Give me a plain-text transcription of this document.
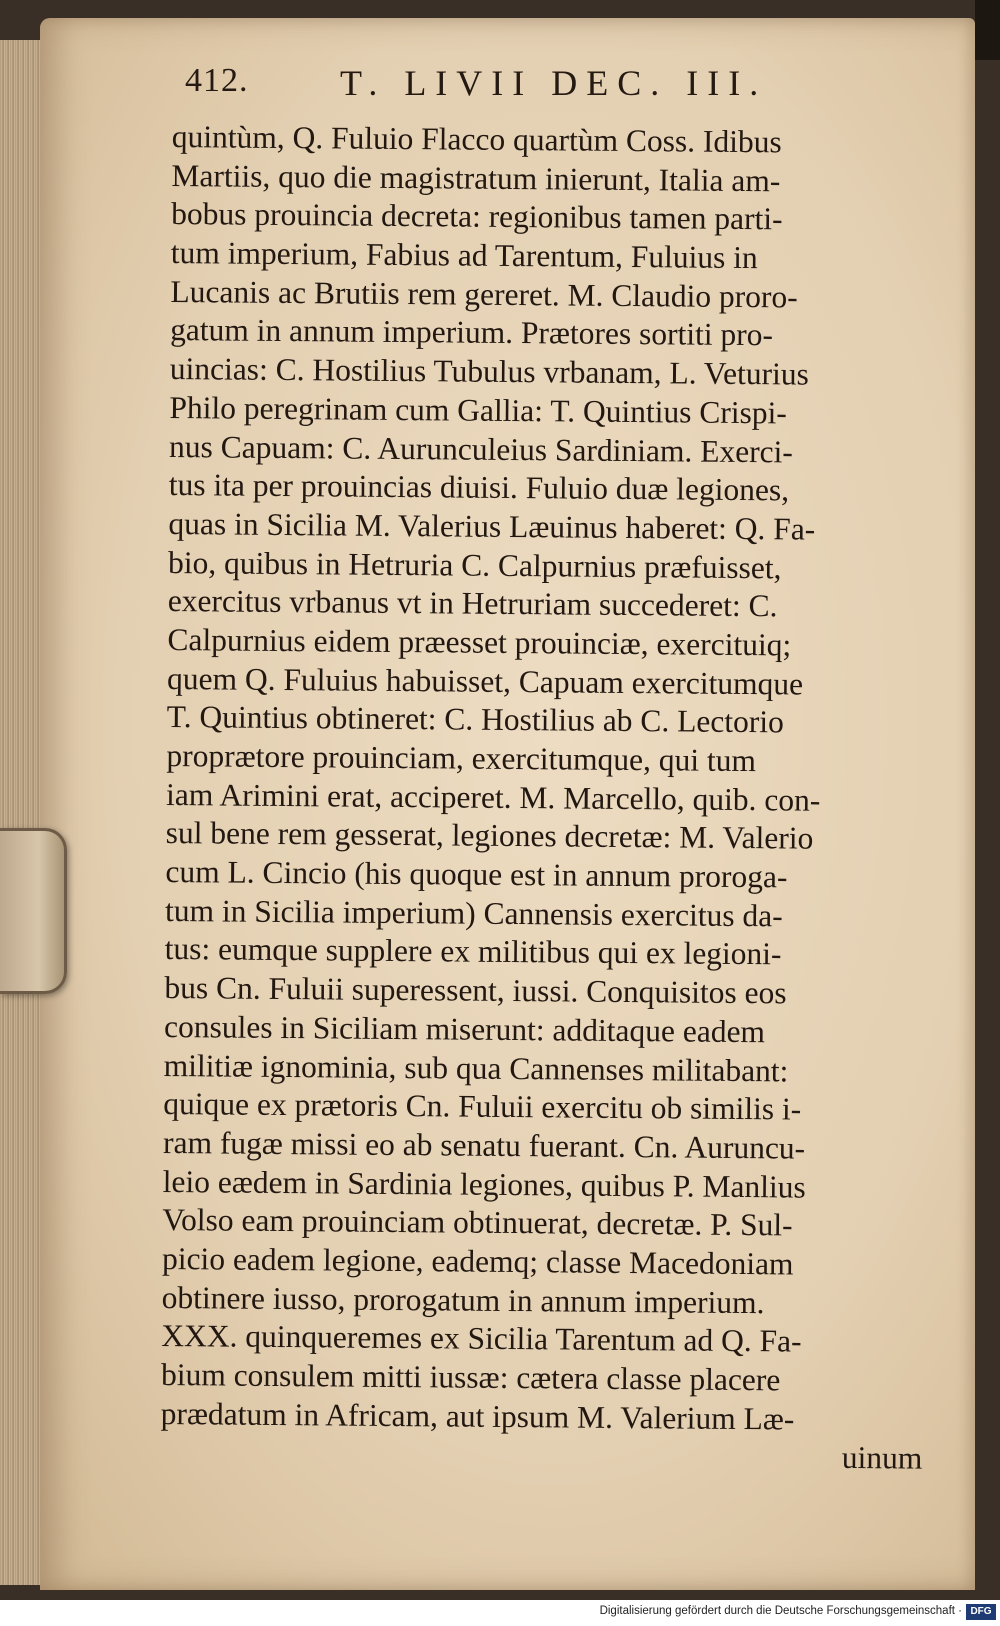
412.	T. LIVII DEC. III.
quintùm, Q. Fuluio Flacco quartùm Coss. Idibus
Martiis, quo die magistratum inierunt, Italia am-
bobus prouincia decreta: regionibus tamen parti-
tum imperium, Fabius ad Tarentum, Fuluius in
Lucanis ac Brutiis rem gereret. M. Claudio proro-
gatum in annum imperium. Prætores sortiti pro-
uincias: C. Hostilius Tubulus vrbanam, L. Veturius
Philo peregrinam cum Gallia: T. Quintius Crispi-
nus Capuam: C. Aurunculeius Sardiniam. Exerci-
tus ita per prouincias diuisi. Fuluio duæ legiones,
quas in Sicilia M. Valerius Læuinus haberet: Q. Fa-
bio, quibus in Hetruria C. Calpurnius præfuisset,
exercitus vrbanus vt in Hetruriam succederet: C.
Calpurnius eidem præesset prouinciæ, exercituiq;
quem Q. Fuluius habuisset, Capuam exercitumque
T. Quintius obtineret: C. Hostilius ab C. Lectorio
proprætore prouinciam, exercitumque, qui tum
iam Arimini erat, acciperet. M. Marcello, quib. con-
sul bene rem gesserat, legiones decretæ: M. Valerio
cum L. Cincio (his quoque est in annum proroga-
tum in Sicilia imperium) Cannensis exercitus da-
tus: eumque supplere ex militibus qui ex legioni-
bus Cn. Fuluii superessent, iussi. Conquisitos eos
consules in Siciliam miserunt: additaque eadem
militiæ ignominia, sub qua Cannenses militabant:
quique ex prætoris Cn. Fuluii exercitu ob similis i-
ram fugæ missi eo ab senatu fuerant. Cn. Auruncu-
leio eædem in Sardinia legiones, quibus P. Manlius
Volso eam prouinciam obtinuerat, decretæ. P. Sul-
picio eadem legione, eademq; classe Macedoniam
obtinere iusso, prorogatum in annum imperium.
XXX. quinqueremes ex Sicilia Tarentum ad Q. Fa-
bium consulem mitti iussæ: cætera classe placere
prædatum in Africam, aut ipsum M. Valerium Læ-
uinum
Digitalisierung gefördert durch die Deutsche Forschungsgemeinschaft · DFG
